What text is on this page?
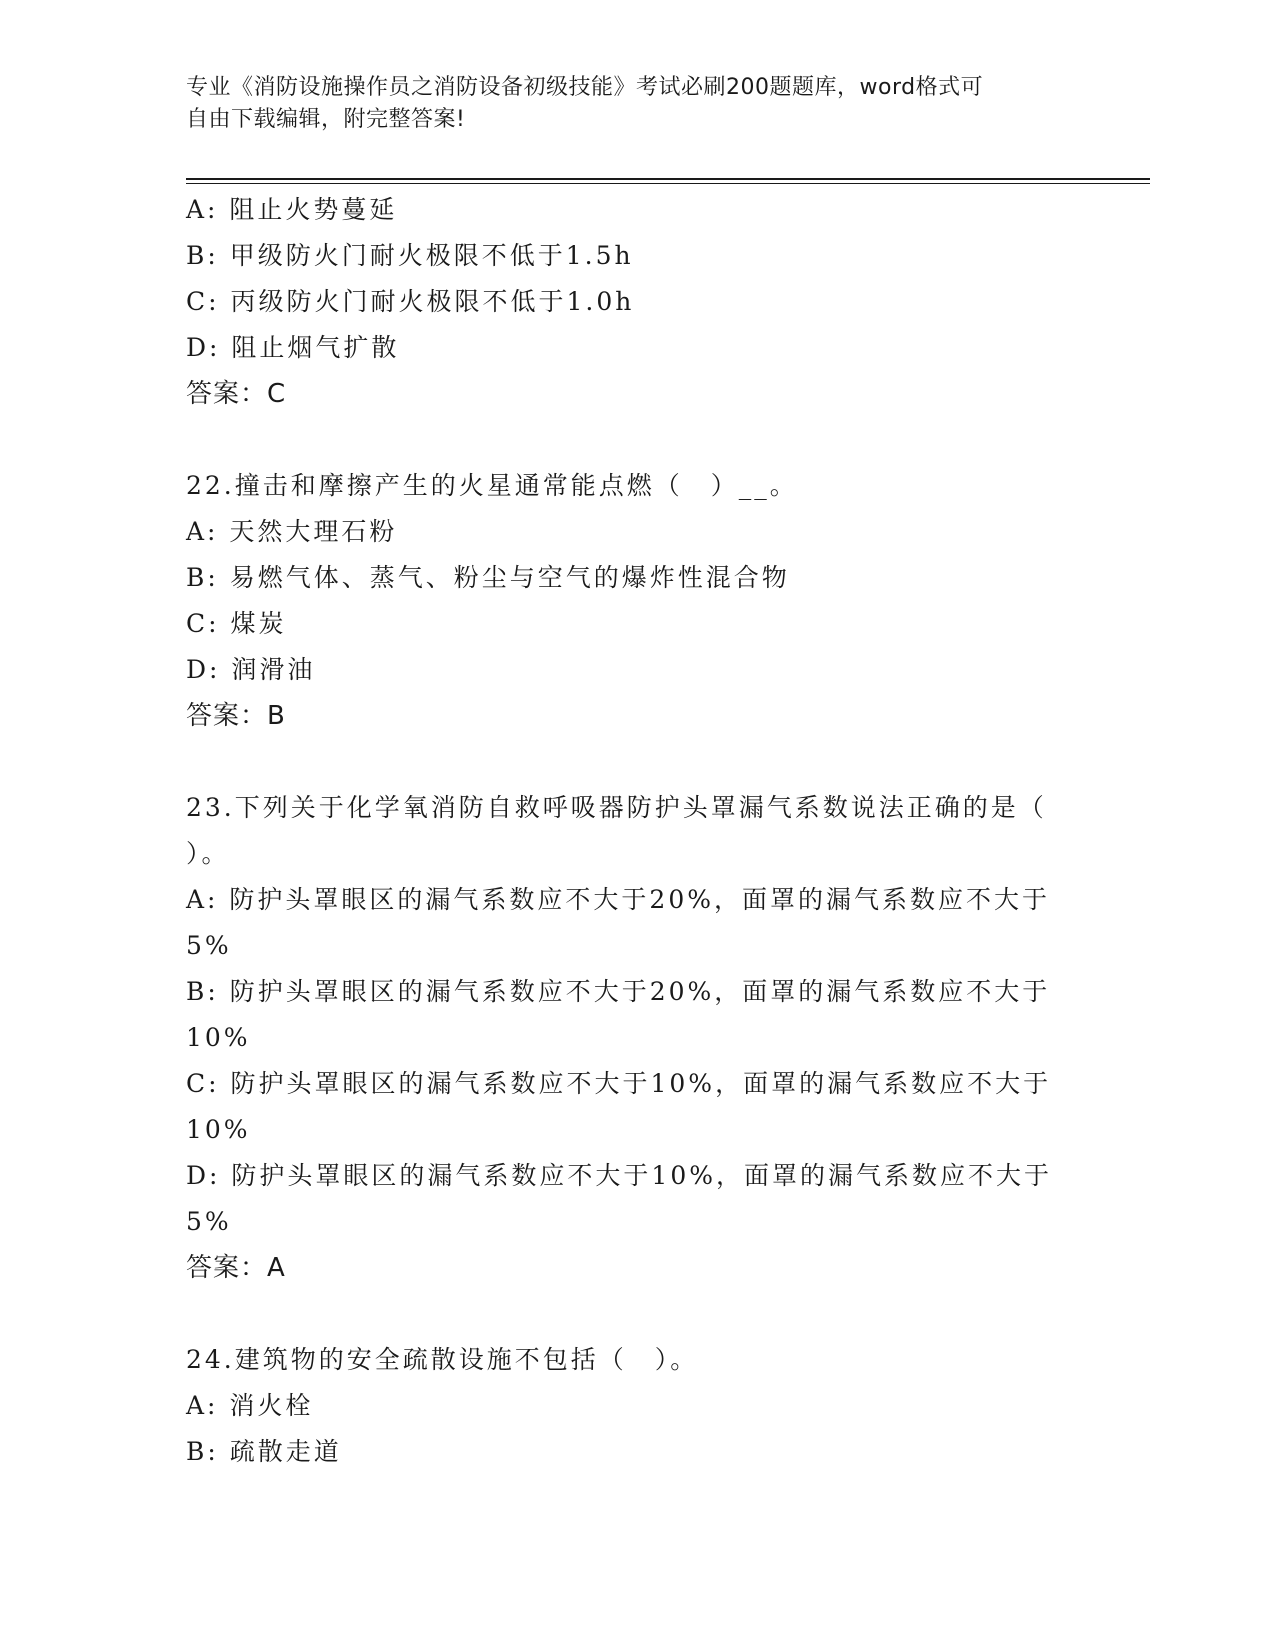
专业《消防设施操作员之消防设备初级技能》考试必刷200题题库，word格式可
自由下载编辑，附完整答案!
A: 阻止火势蔓延
B: 甲级防火门耐火极限不低于1.5h
C: 丙级防火门耐火极限不低于1.0h
D: 阻止烟气扩散
答案：C
22.撞击和摩擦产生的火星通常能点燃（　）__。
A: 天然大理石粉
B: 易燃气体、蒸气、粉尘与空气的爆炸性混合物
C: 煤炭
D: 润滑油
答案：B
23.下列关于化学氧消防自救呼吸器防护头罩漏气系数说法正确的是（
）。
A: 防护头罩眼区的漏气系数应不大于20%，面罩的漏气系数应不大于
5%
B: 防护头罩眼区的漏气系数应不大于20%，面罩的漏气系数应不大于
10%
C: 防护头罩眼区的漏气系数应不大于10%，面罩的漏气系数应不大于
10%
D: 防护头罩眼区的漏气系数应不大于10%，面罩的漏气系数应不大于
5%
答案：A
24.建筑物的安全疏散设施不包括（　）。
A: 消火栓
B: 疏散走道
